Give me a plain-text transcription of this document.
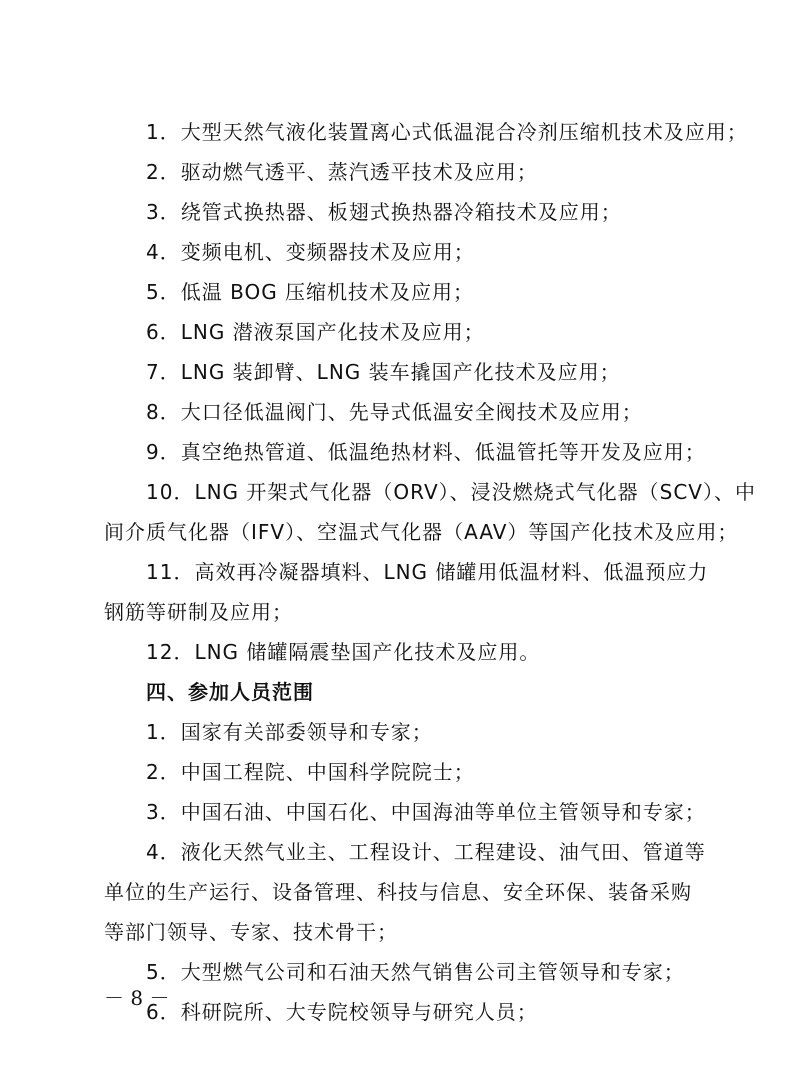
1．大型天然气液化装置离心式低温混合冷剂压缩机技术及应用；
2．驱动燃气透平、蒸汽透平技术及应用；
3．绕管式换热器、板翅式换热器冷箱技术及应用；
4．变频电机、变频器技术及应用；
5．低温 BOG 压缩机技术及应用；
6．LNG 潜液泵国产化技术及应用；
7．LNG 装卸臂、LNG 装车撬国产化技术及应用；
8．大口径低温阀门、先导式低温安全阀技术及应用；
9．真空绝热管道、低温绝热材料、低温管托等开发及应用；
10．LNG 开架式气化器（ORV）、浸没燃烧式气化器（SCV）、中
间介质气化器（IFV）、空温式气化器（AAV）等国产化技术及应用；
11．高效再冷凝器填料、LNG 储罐用低温材料、低温预应力
钢筋等研制及应用；
12．LNG 储罐隔震垫国产化技术及应用。
四、参加人员范围
1．国家有关部委领导和专家；
2．中国工程院、中国科学院院士；
3．中国石油、中国石化、中国海油等单位主管领导和专家；
4．液化天然气业主、工程设计、工程建设、油气田、管道等
单位的生产运行、设备管理、科技与信息、安全环保、装备采购
等部门领导、专家、技术骨干；
5．大型燃气公司和石油天然气销售公司主管领导和专家；
6．科研院所、大专院校领导与研究人员；
－ 8 －
